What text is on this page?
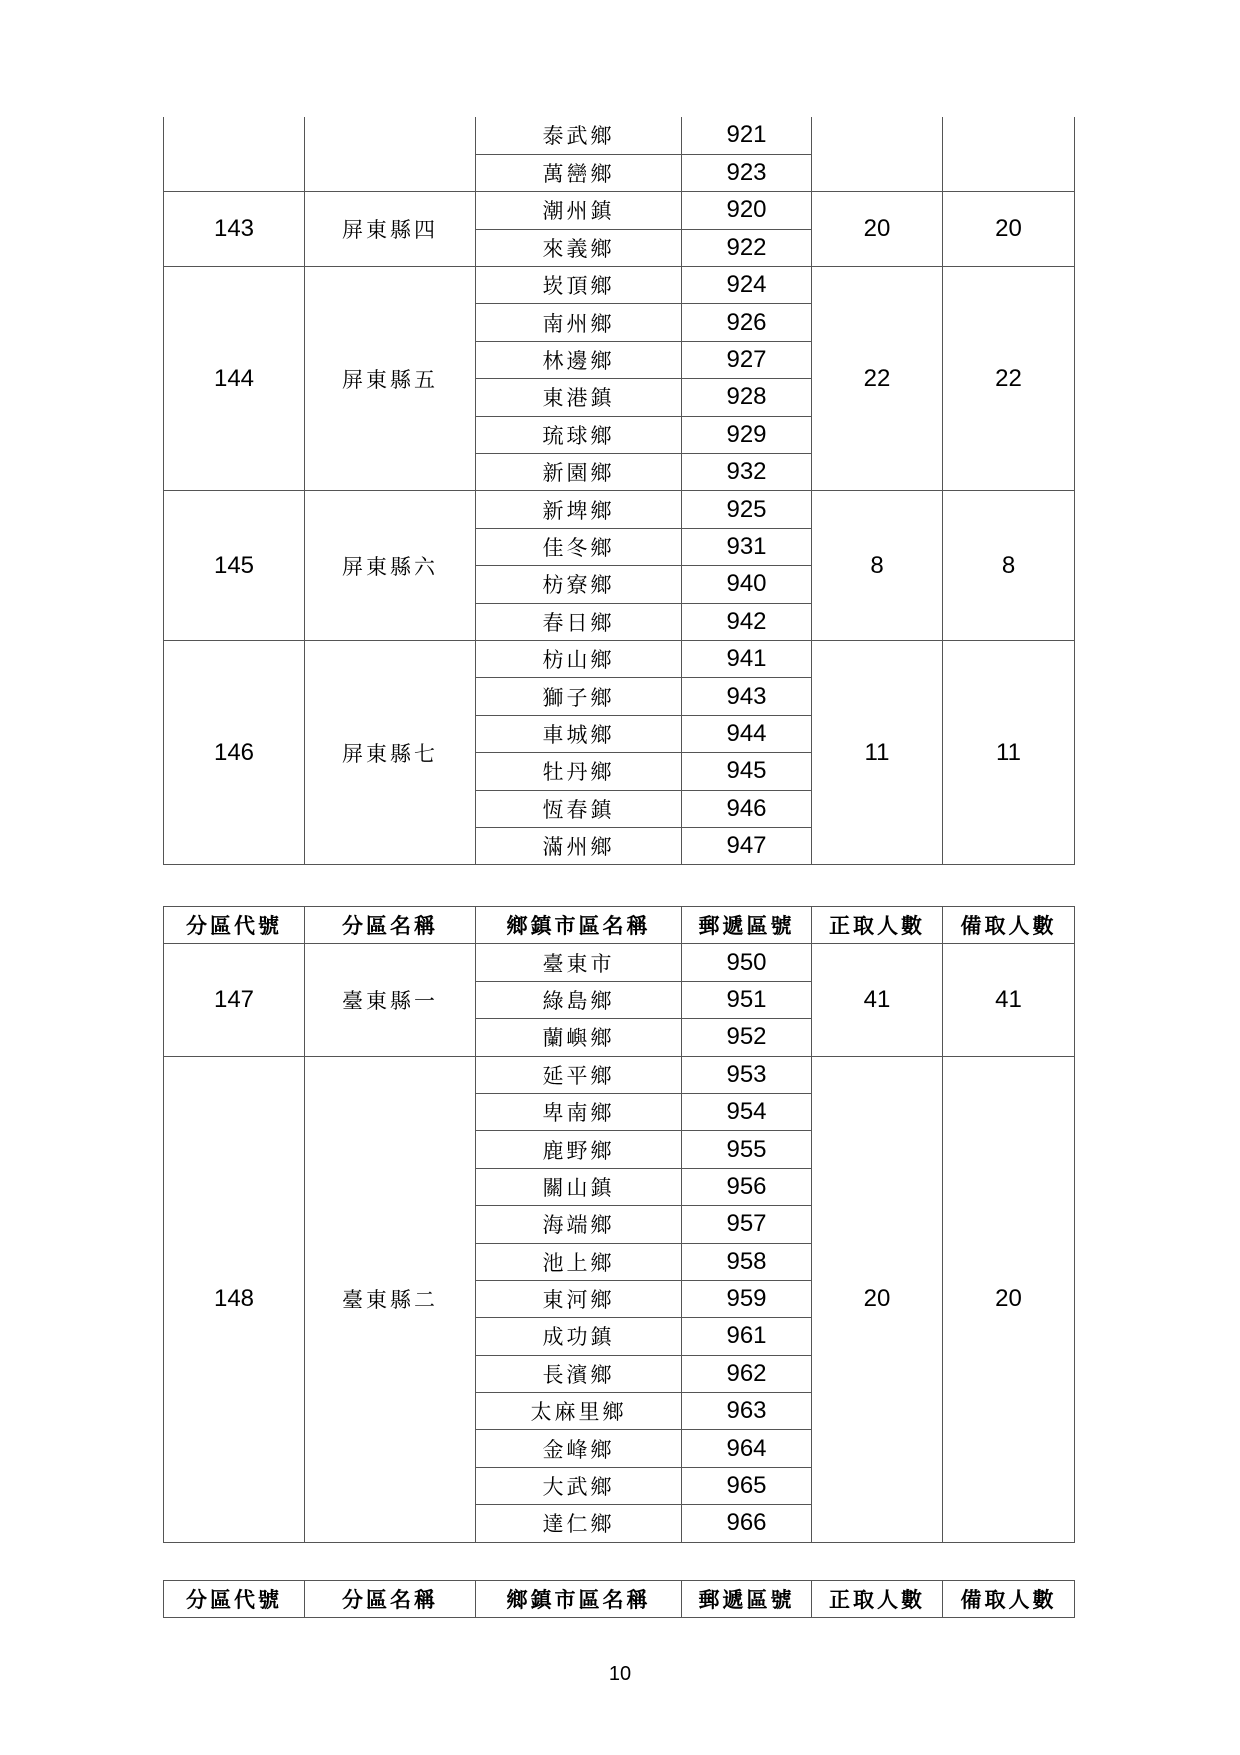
		泰武鄉	921		
		萬巒鄉	923		
143	屏東縣四	潮州鎮	920	20	20
		來義鄉	922		
144	屏東縣五	崁頂鄉	924	22	22
		南州鄉	926		
		林邊鄉	927		
		東港鎮	928		
		琉球鄉	929		
		新園鄉	932		
145	屏東縣六	新埤鄉	925	8	8
		佳冬鄉	931		
		枋寮鄉	940		
		春日鄉	942		
146	屏東縣七	枋山鄉	941	11	11
		獅子鄉	943		
		車城鄉	944		
		牡丹鄉	945		
		恆春鎮	946		
		滿州鄉	947		
分區代號	分區名稱	鄉鎮市區名稱	郵遞區號	正取人數	備取人數
147	臺東縣一	臺東市	950	41	41
		綠島鄉	951		
		蘭嶼鄉	952		
148	臺東縣二	延平鄉	953	20	20
		卑南鄉	954		
		鹿野鄉	955		
		關山鎮	956		
		海端鄉	957		
		池上鄉	958		
		東河鄉	959		
		成功鎮	961		
		長濱鄉	962		
		太麻里鄉	963		
		金峰鄉	964		
		大武鄉	965		
		達仁鄉	966		
分區代號	分區名稱	鄉鎮市區名稱	郵遞區號	正取人數	備取人數
10
